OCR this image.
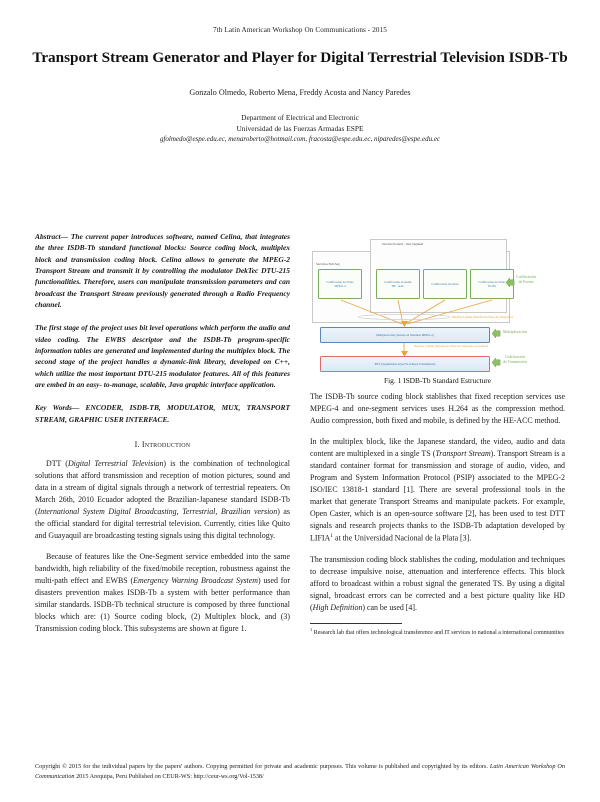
7th Latin American Workshop On Communications - 2015
Transport Stream Generator and Player for Digital Terrestrial Television ISDB-Tb
Gonzalo Olmedo, Roberto Mena, Freddy Acosta and Nancy Paredes
Department of Electrical and Electronic
Universidad de las Fuerzas Armadas ESPE
gfolmedo@espe.edu.ec, menaroberto@hotmail.com, fracosta@espe.edu.ec, niparedes@espe.edu.ec

Abstract— The current paper introduces software, named Celina, that integrates the three ISDB-Tb standard functional blocks: Source coding block, multiplex block and transmission coding block. Celina allows to generate the MPEG-2 Transport Stream and transmit it by controlling the modulator DekTec DTU-215 functionalities. Therefore, users can manipulate transmission parameters and can broadcast the Transport Stream previously generated through a Radio Frequency channel.

The first stage of the project uses bit level operations which perform the audio and video coding. The EWBS descriptor and the ISDB-Tb program-specific information tables are generated and implemented during the multiplex block. The second stage of the project handles a dynamic-link library, developed on C++, which utilize the most important DTU-215 modulator features. All of this features are embed in an easy- to-manage, scalable, Java graphic interface application.

Key Words— ENCODER, ISDB-TB, MODULATOR, MUX, TRANSPORT STREAM, GRAPHIC USER INTERFACE.

I. Introduction

DTT (Digital Terrestrial Television) is the combination of technological solutions that afford transmission and reception of motion pictures, sound and data in a stream of digital signals through a network of terrestrial repeaters. On March 26th, 2010 Ecuador adopted the Brazilian-Japanese standard ISDB-Tb (International System Digital Broadcasting, Terrestrial, Brazilian version) as the official standard for digital terrestrial television. Currently, cities like Quito and Guayaquil are broadcasting testing signals using this digital technology.

Because of features like the One-Segment service embedded into the same bandwidth, high reliability of the fixed/mobile reception, robustness against the multi-path effect and EWBS (Emergency Warning Broadcast System) used for disasters prevention makes ISDB-Tb a system with better performance than similar standards. ISDB-Tb technical structure is composed by three functional blocks which are: (1) Source coding block, (2) Multiplex block, and (3) Transmission coding block. This subsystems are shown at figure 1.

Servicios Full-Seg
Servicio Portatil – One Segment
Codificación de Video
MPEG-4
Codificación de Audio
HE - AAC
Codificación de Datos
Codificación de Video
H.264
Interfaz Común (Interfaz de flujo de transporte)
Interfaz Común (Interfaz de flujo de transporte en tramas)
Multiplexación (basado en Sistemas MPEG-2)
BTS (Segmentado OyA/SCA/Reed Transmisión)
Codificación
de Fuente
Multiplexación
Codificación
de Transmisión
Fig. 1 ISDB-Tb Standard Estructure

The ISDB-Tb source coding block stablishes that fixed reception services use MPEG-4 and one-segment services uses H.264 as the compression method. Audio compression, both fixed and mobile, is defined by the HE-ACC method.

In the multiplex block, like the Japanese standard, the video, audio and data content are multiplexed in a single TS (Transport Stream). Transport Stream is a standard container format for transmission and storage of audio, video, and Program and System Information Protocol (PSIP) associated to the MPEG-2 ISO/IEC 13818-1 standard [1]. There are several professional tools in the market that generate Transport Streams and manipulate packets. For example, Open Caster, which is an open-source software [2], has been used to test DTT signals and research projects thanks to the ISDB-Tb adaptation developed by LIFIA$^1$ at the Universidad Nacional de la Plata [3].

The transmission coding block stablishes the coding, modulation and techniques to decrease impulsive noise, attenuation and interference effects. This block afford to broadcast within a robust signal the generated TS. By using a digital signal, broadcast errors can be corrected and a best picture quality like HD (High Definition) can be used [4].

$^1$ Research lab that offers technological transference and IT services to national a international communities

Copyright © 2015 for the individual papers by the papers' authors. Copying permitted for private and academic purposes. This volume is published and copyrighted by its editors. Latin American Workshop On Communication 2015 Arequipa, Peru Published on CEUR-WS: http://ceur-ws.org/Vol-1538/
